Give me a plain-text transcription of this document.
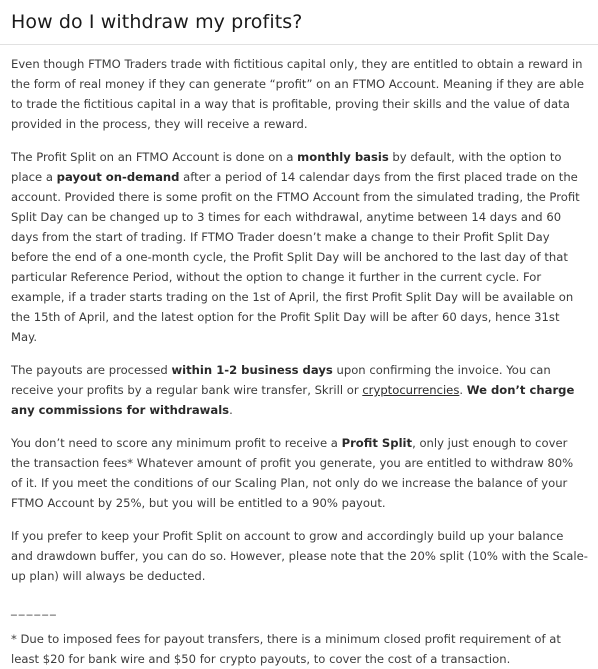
How do I withdraw my profits?

Even though FTMO Traders trade with fictitious capital only, they are entitled to obtain a reward in the form of real money if they can generate “profit” on an FTMO Account. Meaning if they are able to trade the fictitious capital in a way that is profitable, proving their skills and the value of data provided in the process, they will receive a reward.

The Profit Split on an FTMO Account is done on a monthly basis by default, with the option to place a payout on-demand after a period of 14 calendar days from the first placed trade on the account. Provided there is some profit on the FTMO Account from the simulated trading, the Profit Split Day can be changed up to 3 times for each withdrawal, anytime between 14 days and 60 days from the start of trading. If FTMO Trader doesn’t make a change to their Profit Split Day before the end of a one-month cycle, the Profit Split Day will be anchored to the last day of that particular Reference Period, without the option to change it further in the current cycle. For example, if a trader starts trading on the 1st of April, the first Profit Split Day will be available on the 15th of April, and the latest option for the Profit Split Day will be after 60 days, hence 31st May.

The payouts are processed within 1-2 business days upon confirming the invoice. You can receive your profits by a regular bank wire transfer, Skrill or cryptocurrencies. We don’t charge any commissions for withdrawals.

You don’t need to score any minimum profit to receive a Profit Split, only just enough to cover the transaction fees* Whatever amount of profit you generate, you are entitled to withdraw 80% of it. If you meet the conditions of our Scaling Plan, not only do we increase the balance of your FTMO Account by 25%, but you will be entitled to a 90% payout.

If you prefer to keep your Profit Split on account to grow and accordingly build up your balance and drawdown buffer, you can do so. However, please note that the 20% split (10% with the Scale-up plan) will always be deducted.

______

* Due to imposed fees for payout transfers, there is a minimum closed profit requirement of at least $20 for bank wire and $50 for crypto payouts, to cover the cost of a transaction.
